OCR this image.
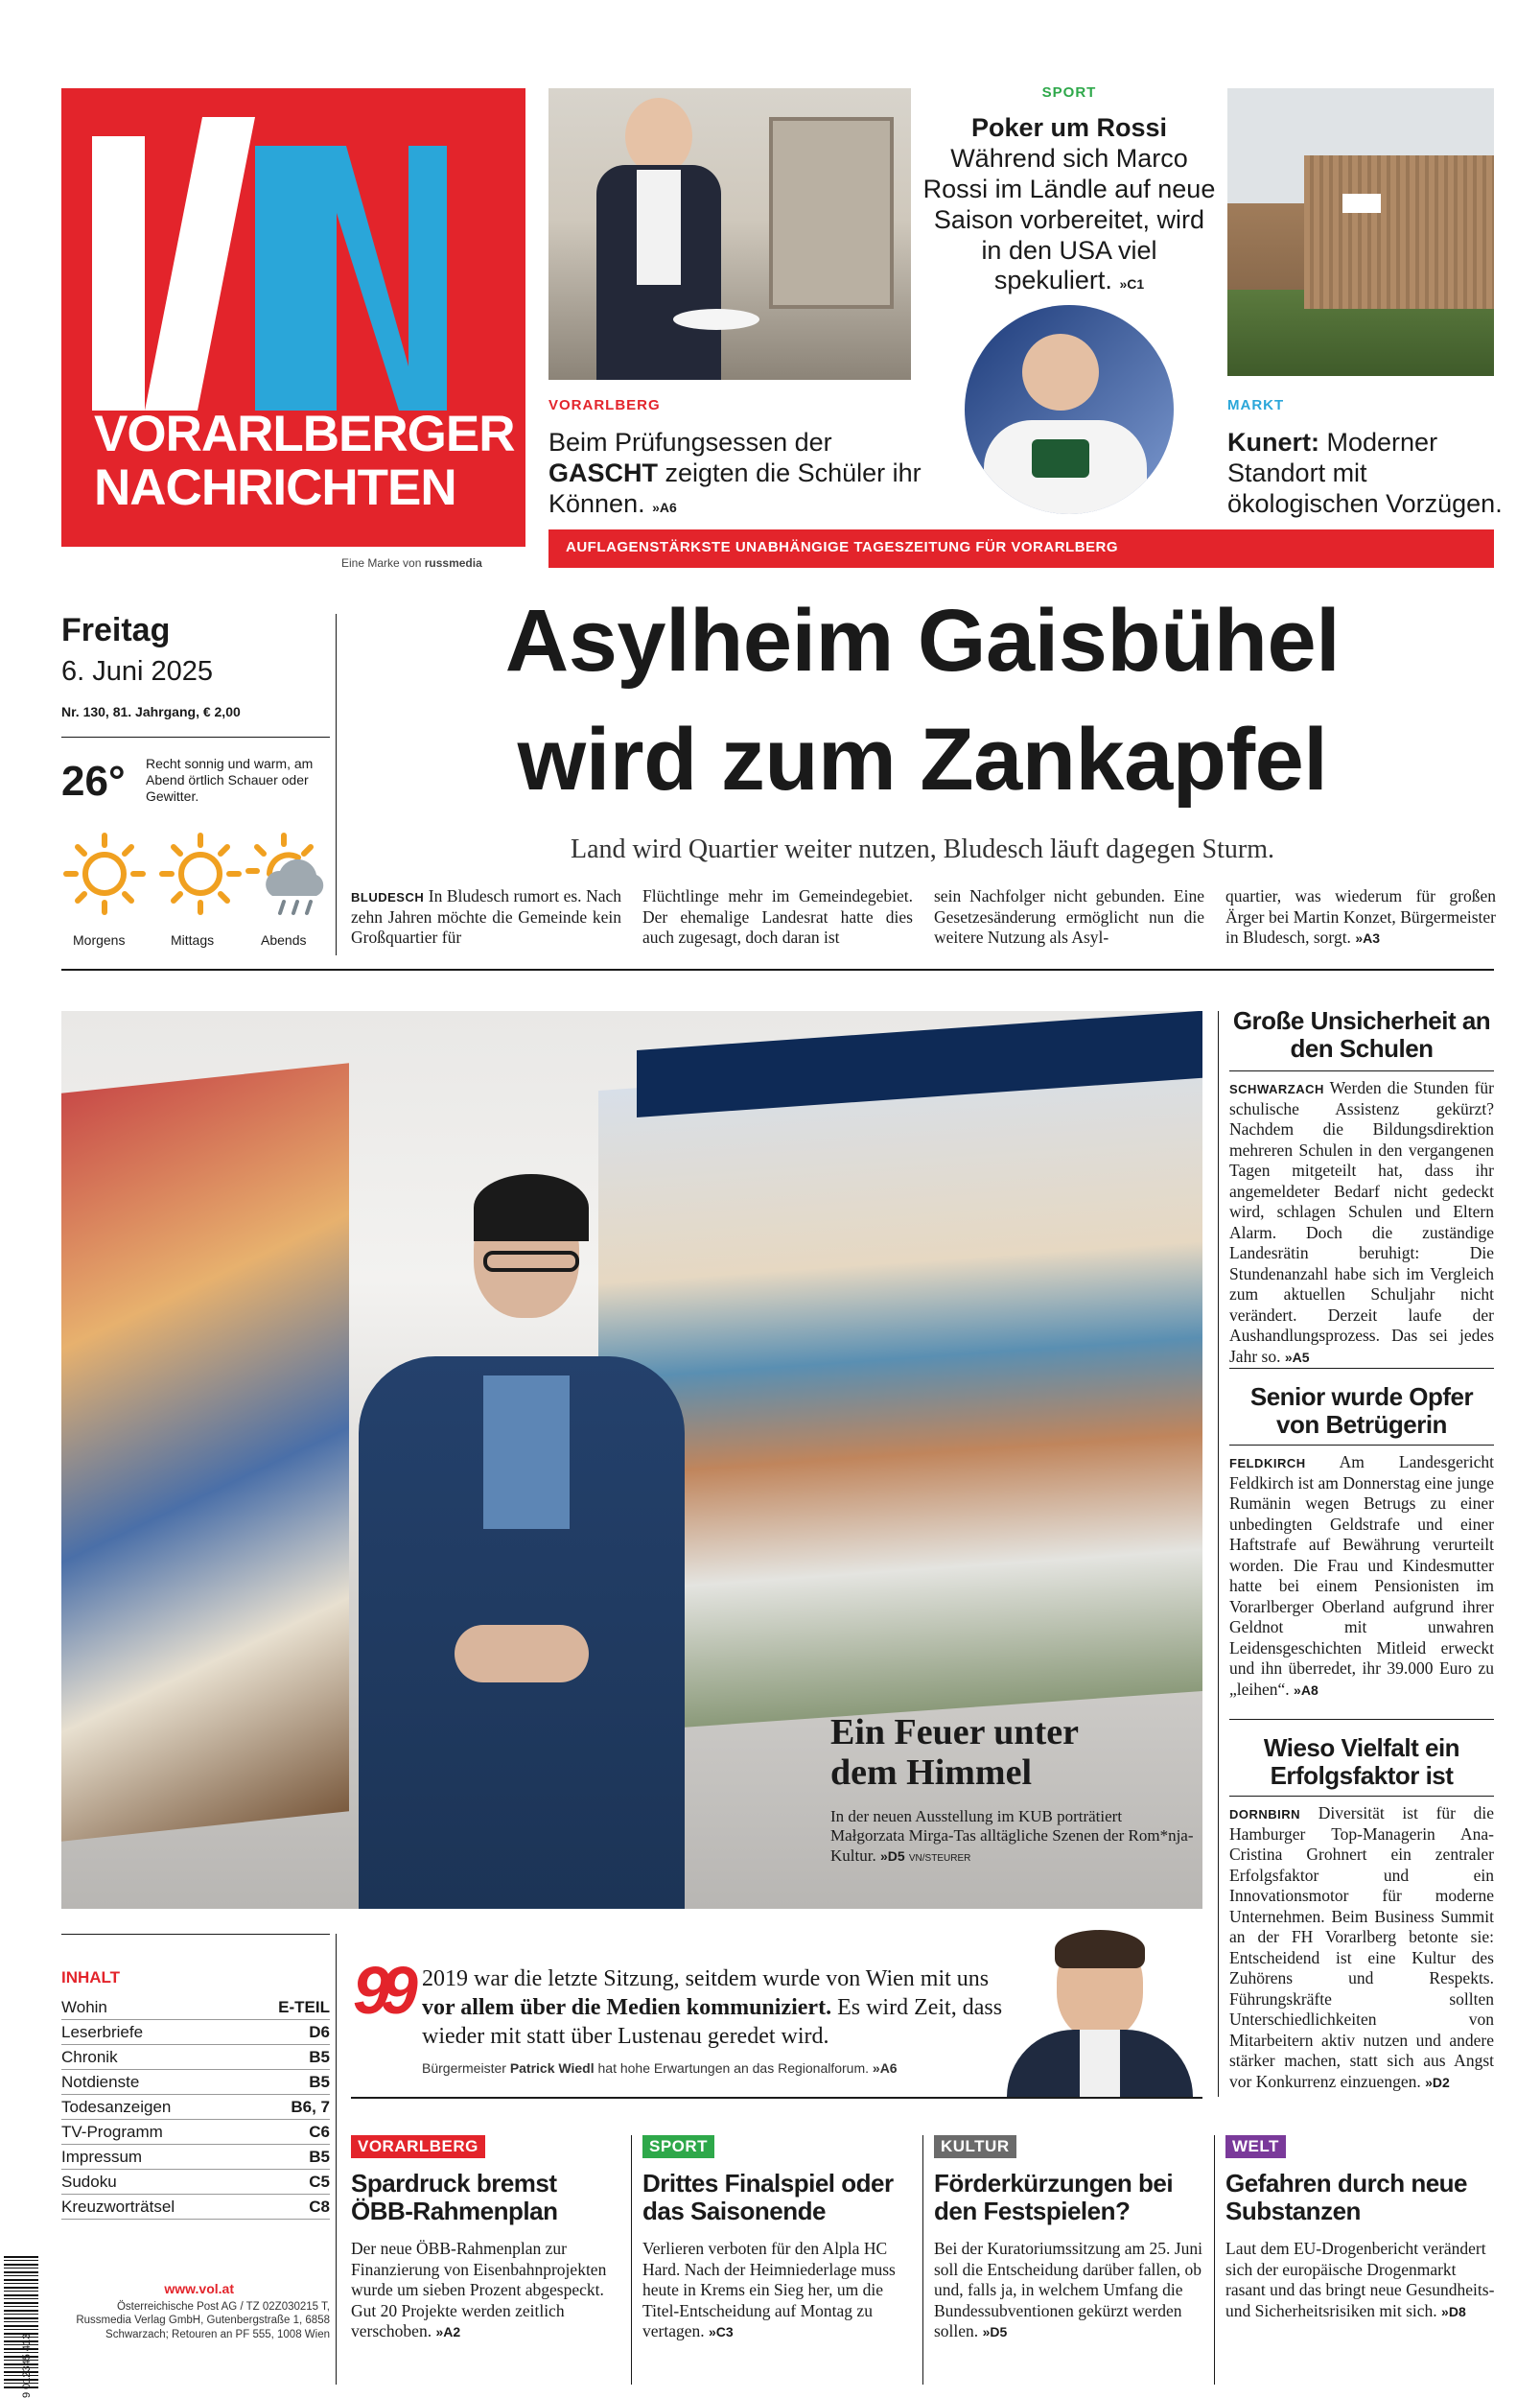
VORARLBERGER
NACHRICHTEN
Eine Marke von russmedia
VORARLBERG
Beim Prüfungsessen der GASCHT zeigten die Schüler ihr Können. »A6
SPORT
Poker um Rossi
Während sich Marco Rossi im Ländle auf neue Saison vorbereitet, wird in den USA viel spekuliert. »C1
MARKT
Kunert: Moderner Standort mit ökologischen Vorzügen.
AUFLAGENSTÄRKSTE UNABHÄNGIGE TAGESZEITUNG FÜR VORARLBERG
Freitag
6. Juni 2025
Nr. 130, 81. Jahrgang, € 2,00
26° Recht sonnig und warm, am Abend örtlich Schauer oder Gewitter.
Morgens	Mittags	Abends
Asylheim Gaisbühel
wird zum Zankapfel
Land wird Quartier weiter nutzen, Bludesch läuft dagegen Sturm.
BLUDESCH In Bludesch rumort es. Nach zehn Jahren möchte die Gemeinde kein Großquartier für
Flüchtlinge mehr im Gemeindegebiet. Der ehemalige Landesrat hatte dies auch zugesagt, doch daran ist
sein Nachfolger nicht gebunden. Eine Gesetzesänderung ermöglicht nun die weitere Nutzung als Asyl-
quartier, was wiederum für großen Ärger bei Martin Konzet, Bürgermeister in Bludesch, sorgt. »A3
Ein Feuer unter
dem Himmel
In der neuen Ausstellung im KUB porträtiert Małgorzata Mirga-Tas alltägliche Szenen der Rom*nja-Kultur. »D5 VN/STEURER
Große Unsicherheit an den Schulen
SCHWARZACH Werden die Stunden für schulische Assistenz gekürzt? Nachdem die Bildungsdirektion mehreren Schulen in den vergangenen Tagen mitgeteilt hat, dass ihr angemeldeter Bedarf nicht gedeckt wird, schlagen Schulen und Eltern Alarm. Doch die zuständige Landesrätin beruhigt: Die Stundenanzahl habe sich im Vergleich zum aktuellen Schuljahr nicht verändert. Derzeit laufe der Aushandlungsprozess. Das sei jedes Jahr so. »A5
Senior wurde Opfer von Betrügerin
FELDKIRCH Am Landesgericht Feldkirch ist am Donnerstag eine junge Rumänin wegen Betrugs zu einer unbedingten Geldstrafe und einer Haftstrafe auf Bewährung verurteilt worden. Die Frau und Kindesmutter hatte bei einem Pensionisten im Vorarlberger Oberland aufgrund ihrer Geldnot mit unwahren Leidensgeschichten Mitleid erweckt und ihn überredet, ihr 39.000 Euro zu „leihen“. »A8
Wieso Vielfalt ein Erfolgsfaktor ist
DORNBIRN Diversität ist für die Hamburger Top-Managerin Ana-Cristina Grohnert ein zentraler Erfolgsfaktor und ein Innovationsmotor für moderne Unternehmen. Beim Business Summit an der FH Vorarlberg betonte sie: Entscheidend ist eine Kultur des Zuhörens und Respekts. Führungskräfte sollten Unterschiedlichkeiten von Mitarbeitern aktiv nutzen und andere stärker machen, statt sich aus Angst vor Konkurrenz einzuengen. »D2
INHALT
Wohin	E-TEIL
Leserbriefe	D6
Chronik	B5
Notdienste	B5
Todesanzeigen	B6, 7
TV-Programm	C6
Impressum	B5
Sudoku	C5
Kreuzworträtsel	C8
9 012345 413
www.vol.at
Österreichische Post AG / TZ 02Z030215 T, Russmedia Verlag GmbH, Gutenbergstraße 1, 6858 Schwarzach; Retouren an PF 555, 1008 Wien
99 2019 war die letzte Sitzung, seitdem wurde von Wien mit uns vor allem über die Medien kommuniziert. Es wird Zeit, dass wieder mit statt über Lustenau geredet wird.
Bürgermeister Patrick Wiedl hat hohe Erwartungen an das Regionalforum. »A6
VORARLBERG
Spardruck bremst ÖBB-Rahmenplan
Der neue ÖBB-Rahmenplan zur Finanzierung von Eisenbahnprojekten wurde um sieben Prozent abgespeckt. Gut 20 Projekte werden zeitlich verschoben. »A2
SPORT
Drittes Finalspiel oder das Saisonende
Verlieren verboten für den Alpla HC Hard. Nach der Heimniederlage muss heute in Krems ein Sieg her, um die Titel-Entscheidung auf Montag zu vertagen. »C3
KULTUR
Förderkürzungen bei den Festspielen?
Bei der Kuratoriumssitzung am 25. Juni soll die Entscheidung darüber fallen, ob und, falls ja, in welchem Umfang die Bundessubventionen gekürzt werden sollen. »D5
WELT
Gefahren durch neue Substanzen
Laut dem EU-Drogenbericht verändert sich der europäische Drogenmarkt rasant und das bringt neue Gesundheits- und Sicherheitsrisiken mit sich. »D8
